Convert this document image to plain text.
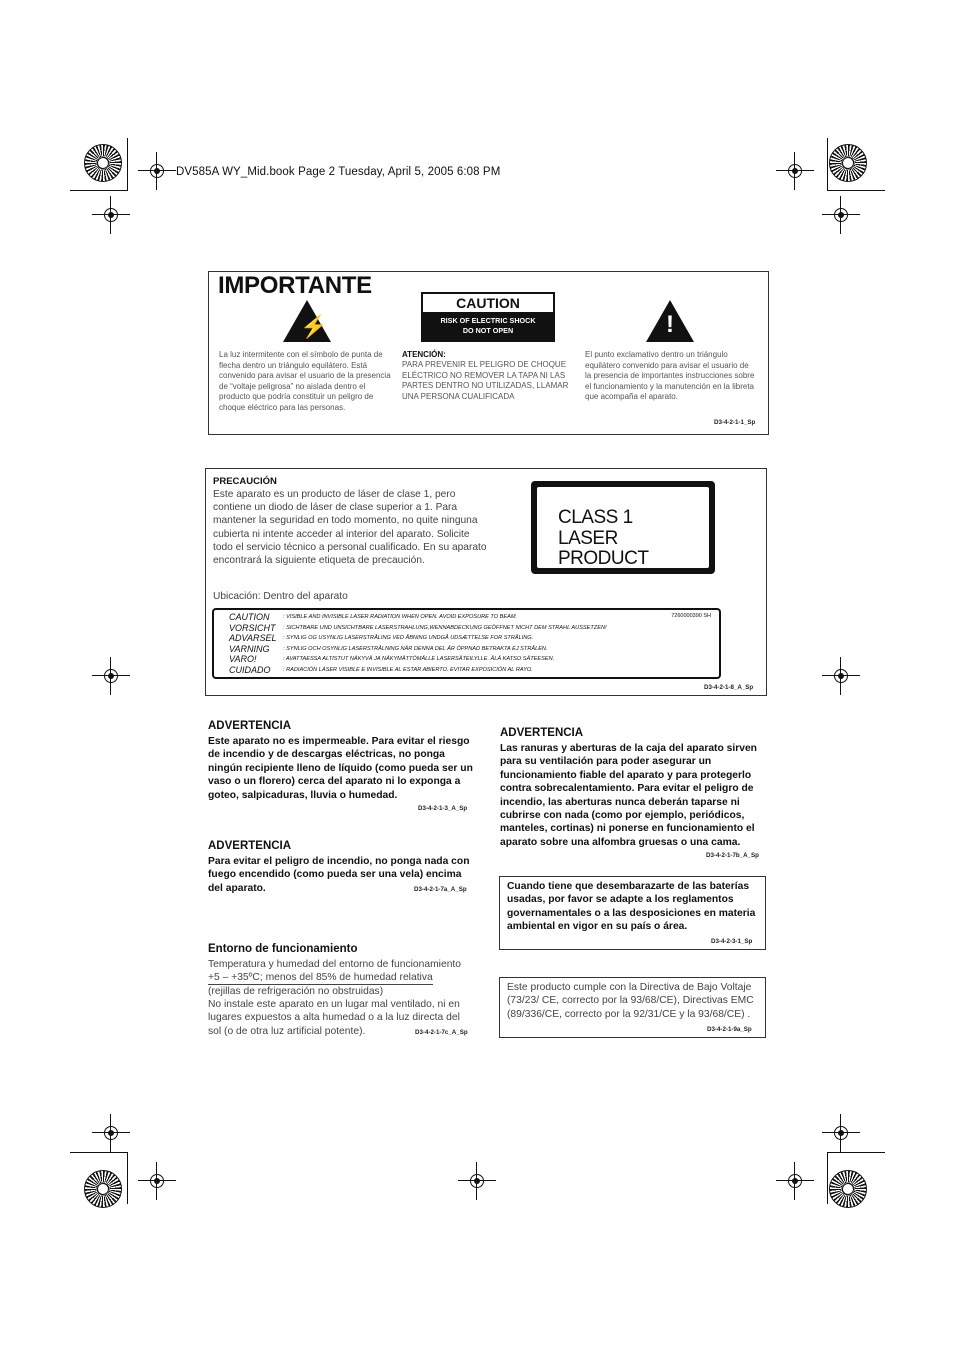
DV585A WY_Mid.book Page 2 Tuesday, April 5, 2005 6:08 PM
IMPORTANTE
⚡
CAUTION
RISK OF ELECTRIC SHOCK
DO NOT OPEN	!
La luz intermitente con el símbolo de punta de flecha dentro un triángulo equilátero. Está convenido para avisar el usuario de la presencia de “voltaje peligrosa” no aislada dentro el producto que podría constituir un peligro de choque eléctrico para las personas.
ATENCIÓN:
PARA PREVENIR EL PELIGRO DE CHOQUE ELÉCTRICO NO REMOVER LA TAPA NI LAS PARTES DENTRO NO UTILIZADAS, LLAMAR UNA PERSONA CUALIFICADA
El punto exclamativo dentro un triángulo equilátero convenido para avisar el usuario de la presencia de importantes instrucciones sobre el funcionamiento y la manutención en la libreta que acompaña el aparato.
D3-4-2-1-1_Sp
PRECAUCIÓN
Este aparato es un producto de láser de clase 1, pero contiene un diodo de láser de clase superior a 1. Para mantener la seguridad en todo momento, no quite ninguna cubierta ni intente acceder al interior del aparato. Solicite todo el servicio técnico a personal cualificado. En su aparato encontrará la siguiente etiqueta de precaución.
Ubicación: Dentro del aparato
CLASS 1
LASER PRODUCT
7260000390 SH
CAUTION : VISIBLE AND INVISIBLE LASER RADIATION WHEN OPEN. AVOID EXPOSURE TO BEAM.
VORSICHT : SICHTBARE UND UNSICHTBARE LASERSTRAHLUNG,WENNABDECKUNG GEÖFFNET NICHT DEM STRAHL AUSSETZEN!
ADVARSEL : SYNLIG OG USYNLIG LASERSTRÅLING VED ÅBNING UNDGÅ UDSÆTTELSE FOR STRÅLING.
VARNING : SYNLIG OCH OSYNLIG LASERSTRÅLNING NÄR DENNA DEL ÄR ÖPPNAD BETRAKTA EJ STRÅLEN.
VARO!	: AVATTAESSA ALTISTUT NÄKYVÄ JA NÄKYMÄTTÖMÄLLE LASERSÄTEILYLLE. ÄLÄ KATSO SÄTEESEN.
CUIDADO : RADIACIÓN LÁSER VISIBLE E INVISIBLE AL ESTAR ABIERTO. EVITAR EXPOSICIÓN AL RAYO.
D3-4-2-1-8_A_Sp
ADVERTENCIA
Este aparato no es impermeable. Para evitar el riesgo de incendio y de descargas eléctricas, no ponga ningún recipiente lleno de líquido (como pueda ser un vaso o un florero) cerca del aparato ni lo exponga a goteo, salpicaduras, lluvia o humedad.
D3-4-2-1-3_A_Sp
ADVERTENCIA
Para evitar el peligro de incendio, no ponga nada con fuego encendido (como pueda ser una vela) encima del aparato.	D3-4-2-1-7a_A_Sp
Entorno de funcionamiento
Temperatura y humedad del entorno de funcionamiento
+5 – +35ºC; menos del 85% de humedad relativa
(rejillas de refrigeración no obstruidas)
No instale este aparato en un lugar mal ventilado, ni en lugares expuestos a alta humedad o a la luz directa del sol (o de otra luz artificial potente).	D3-4-2-1-7c_A_Sp
ADVERTENCIA
Las ranuras y aberturas de la caja del aparato sirven para su ventilación para poder asegurar un funcionamiento fiable del aparato y para protegerlo contra sobrecalentamiento. Para evitar el peligro de incendio, las aberturas nunca deberán taparse ni cubrirse con nada (como por ejemplo, periódicos, manteles, cortinas) ni ponerse en funcionamiento el aparato sobre una alfombra gruesas o una cama.
D3-4-2-1-7b_A_Sp
Cuando tiene que desembarazarte de las baterías usadas, por favor se adapte a los reglamentos governamentales o a las desposiciones en materia ambiental en vigor en su país o área.
D3-4-2-3-1_Sp
Este producto cumple con la Directiva de Bajo Voltaje (73/23/ CE, correcto por la 93/68/CE), Directivas EMC (89/336/CE, correcto por la 92/31/CE y la 93/68/CE) .
D3-4-2-1-9a_Sp
